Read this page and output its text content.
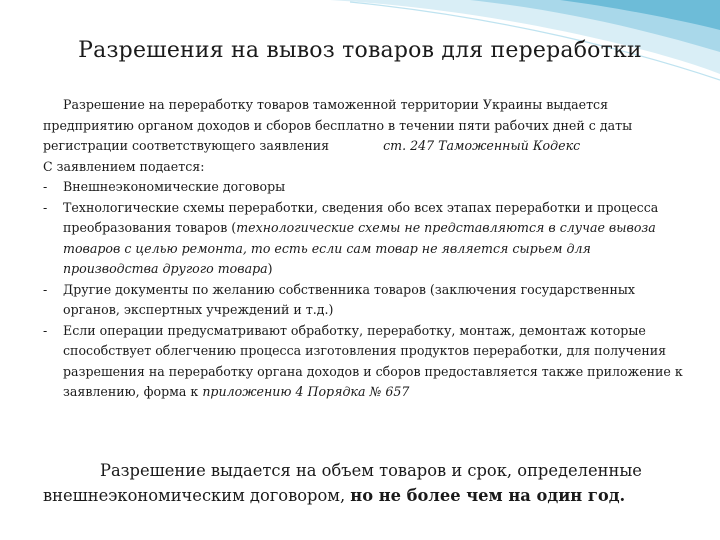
Разрешения на вывоз товаров для переработки
Разрешение на переработку товаров таможенной территории Украины выдается предприятию органом доходов и сборов бесплатно в течении пяти рабочих дней с даты регистрации соответствующего заявления	ст. 247 Таможенный Кодекс
С заявлением подается:
- Внешнеэкономические договоры
- Технологические схемы переработки, сведения обо всех этапах переработки и процесса преобразования товаров (технологические схемы не представляются в случае вывоза товаров с целью ремонта, то есть если сам товар не является сырьем для производства другого товара)
- Другие документы по желанию собственника товаров (заключения государственных органов, экспертных учреждений и т.д.)
- Если операции предусматривают обработку, переработку, монтаж, демонтаж которые способствует облегчению процесса изготовления продуктов переработки, для получения разрешения на переработку органа доходов и сборов предоставляется также приложение к заявлению, форма к приложению 4 Порядка № 657
Разрешение выдается на объем товаров и срок, определенные внешнеэкономическим договором, но не более чем на один год.
